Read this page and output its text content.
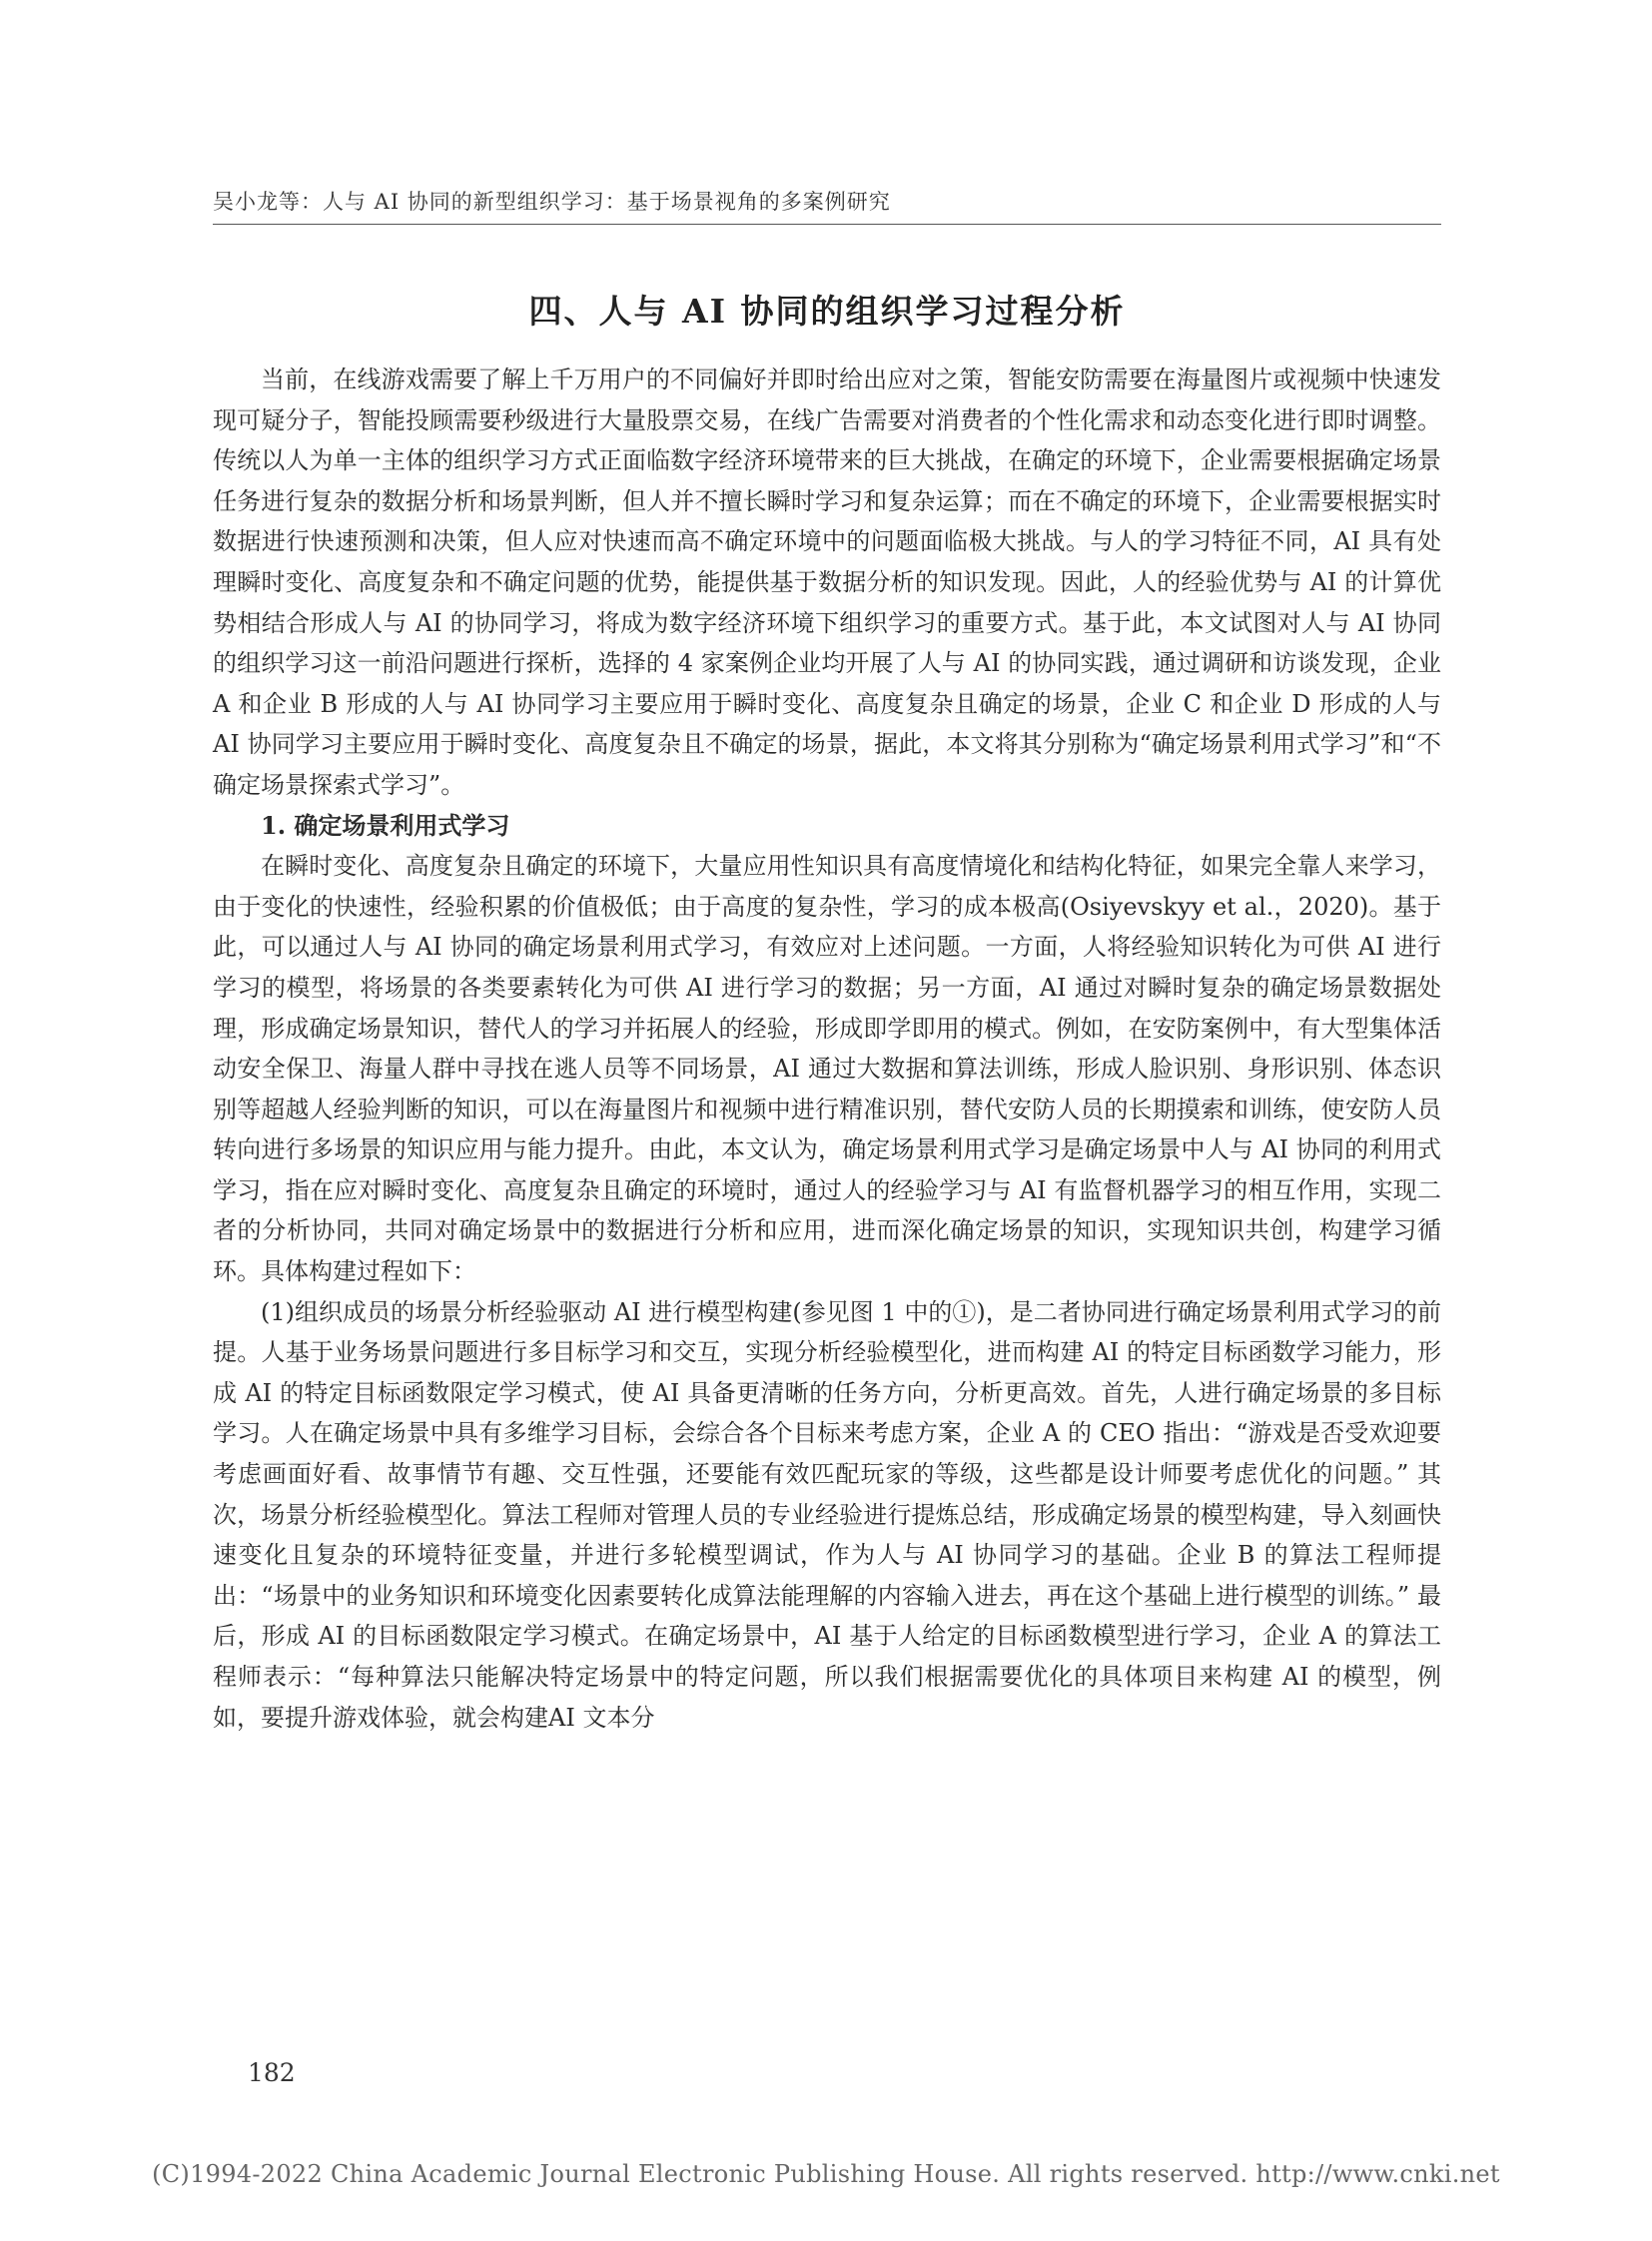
吴小龙等：人与 AI 协同的新型组织学习：基于场景视角的多案例研究
四、人与 AI 协同的组织学习过程分析

当前，在线游戏需要了解上千万用户的不同偏好并即时给出应对之策，智能安防需要在海量图片或视频中快速发现可疑分子，智能投顾需要秒级进行大量股票交易，在线广告需要对消费者的个性化需求和动态变化进行即时调整。传统以人为单一主体的组织学习方式正面临数字经济环境带来的巨大挑战，在确定的环境下，企业需要根据确定场景任务进行复杂的数据分析和场景判断，但人并不擅长瞬时学习和复杂运算；而在不确定的环境下，企业需要根据实时数据进行快速预测和决策，但人应对快速而高不确定环境中的问题面临极大挑战。与人的学习特征不同，AI 具有处理瞬时变化、高度复杂和不确定问题的优势，能提供基于数据分析的知识发现。因此，人的经验优势与 AI 的计算优势相结合形成人与 AI 的协同学习，将成为数字经济环境下组织学习的重要方式。基于此，本文试图对人与 AI 协同的组织学习这一前沿问题进行探析，选择的 4 家案例企业均开展了人与 AI 的协同实践，通过调研和访谈发现，企业 A 和企业 B 形成的人与 AI 协同学习主要应用于瞬时变化、高度复杂且确定的场景，企业 C 和企业 D 形成的人与 AI 协同学习主要应用于瞬时变化、高度复杂且不确定的场景，据此，本文将其分别称为“确定场景利用式学习”和“不确定场景探索式学习”。

1. 确定场景利用式学习

在瞬时变化、高度复杂且确定的环境下，大量应用性知识具有高度情境化和结构化特征，如果完全靠人来学习，由于变化的快速性，经验积累的价值极低；由于高度的复杂性，学习的成本极高(Osiyevskyy et al.，2020)。基于此，可以通过人与 AI 协同的确定场景利用式学习，有效应对上述问题。一方面，人将经验知识转化为可供 AI 进行学习的模型，将场景的各类要素转化为可供 AI 进行学习的数据；另一方面，AI 通过对瞬时复杂的确定场景数据处理，形成确定场景知识，替代人的学习并拓展人的经验，形成即学即用的模式。例如，在安防案例中，有大型集体活动安全保卫、海量人群中寻找在逃人员等不同场景，AI 通过大数据和算法训练，形成人脸识别、身形识别、体态识别等超越人经验判断的知识，可以在海量图片和视频中进行精准识别，替代安防人员的长期摸索和训练，使安防人员转向进行多场景的知识应用与能力提升。由此，本文认为，确定场景利用式学习是确定场景中人与 AI 协同的利用式学习，指在应对瞬时变化、高度复杂且确定的环境时，通过人的经验学习与 AI 有监督机器学习的相互作用，实现二者的分析协同，共同对确定场景中的数据进行分析和应用，进而深化确定场景的知识，实现知识共创，构建学习循环。具体构建过程如下：

(1)组织成员的场景分析经验驱动 AI 进行模型构建(参见图 1 中的①)，是二者协同进行确定场景利用式学习的前提。人基于业务场景问题进行多目标学习和交互，实现分析经验模型化，进而构建 AI 的特定目标函数学习能力，形成 AI 的特定目标函数限定学习模式，使 AI 具备更清晰的任务方向，分析更高效。首先，人进行确定场景的多目标学习。人在确定场景中具有多维学习目标，会综合各个目标来考虑方案，企业 A 的 CEO 指出：“游戏是否受欢迎要考虑画面好看、故事情节有趣、交互性强，还要能有效匹配玩家的等级，这些都是设计师要考虑优化的问题。” 其次，场景分析经验模型化。算法工程师对管理人员的专业经验进行提炼总结，形成确定场景的模型构建，导入刻画快速变化且复杂的环境特征变量，并进行多轮模型调试，作为人与 AI 协同学习的基础。企业 B 的算法工程师提出：“场景中的业务知识和环境变化因素要转化成算法能理解的内容输入进去，再在这个基础上进行模型的训练。” 最后，形成 AI 的目标函数限定学习模式。在确定场景中，AI 基于人给定的目标函数模型进行学习，企业 A 的算法工程师表示：“每种算法只能解决特定场景中的特定问题，所以我们根据需要优化的具体项目来构建 AI 的模型，例如，要提升游戏体验，就会构建AI 文本分

182
(C)1994-2022 China Academic Journal Electronic Publishing House. All rights reserved. http://www.cnki.net
